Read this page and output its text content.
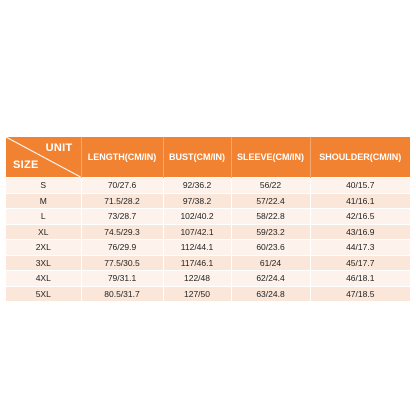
UNIT
SIZE	LENGTH(CM/IN)	BUST(CM/IN)	SLEEVE(CM/IN)	SHOULDER(CM/IN)
S	70/27.6	92/36.2	56/22	40/15.7
M	71.5/28.2	97/38.2	57/22.4	41/16.1
L	73/28.7	102/40.2	58/22.8	42/16.5
XL	74.5/29.3	107/42.1	59/23.2	43/16.9
2XL	76/29.9	112/44.1	60/23.6	44/17.3
3XL	77.5/30.5	117/46.1	61/24	45/17.7
4XL	79/31.1	122/48	62/24.4	46/18.1
5XL	80.5/31.7	127/50	63/24.8	47/18.5
